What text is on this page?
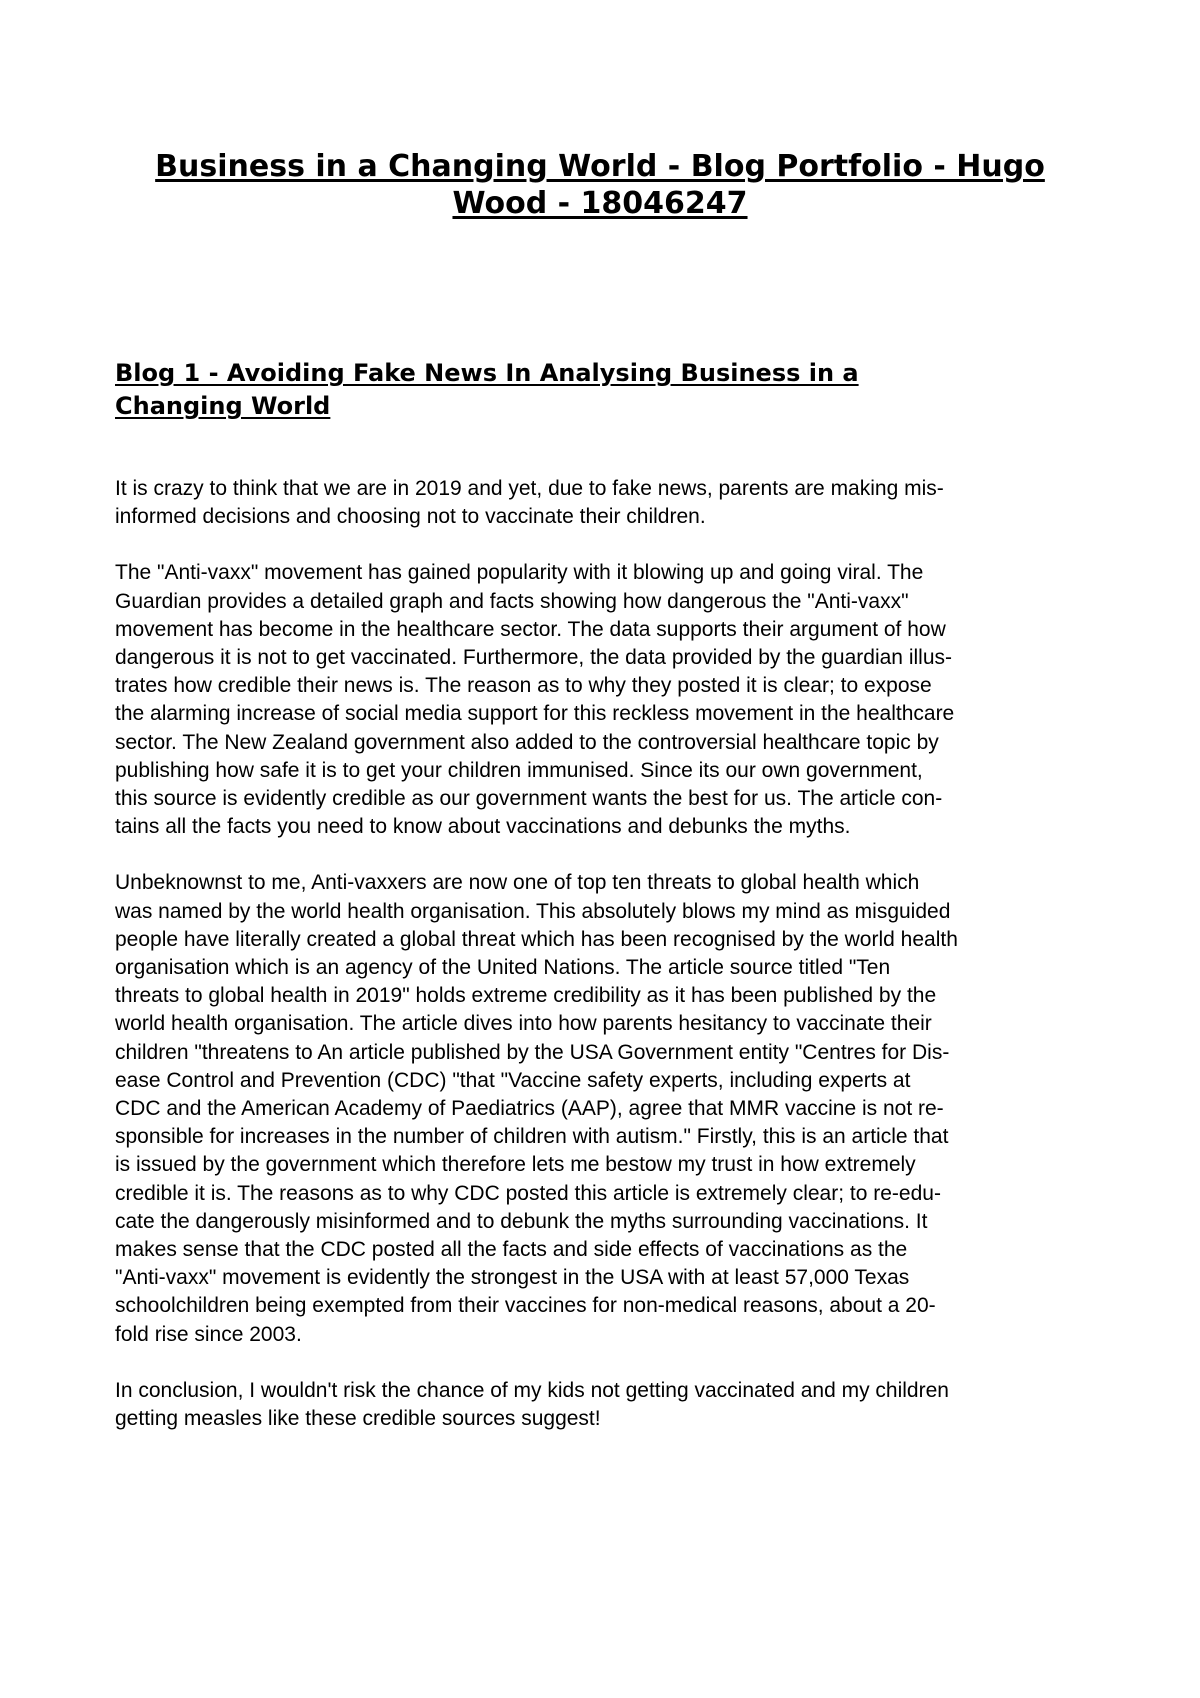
Business in a Changing World - Blog Portfolio - Hugo Wood - 18046247
Blog 1 - Avoiding Fake News In Analysing Business in a
Changing World

It is crazy to think that we are in 2019 and yet, due to fake news, parents are making mis-
informed decisions and choosing not to vaccinate their children.

The "Anti-vaxx" movement has gained popularity with it blowing up and going viral. The
Guardian provides a detailed graph and facts showing how dangerous the "Anti-vaxx"
movement has become in the healthcare sector. The data supports their argument of how
dangerous it is not to get vaccinated. Furthermore, the data provided by the guardian illus-
trates how credible their news is. The reason as to why they posted it is clear; to expose
the alarming increase of social media support for this reckless movement in the healthcare
sector. The New Zealand government also added to the controversial healthcare topic by
publishing how safe it is to get your children immunised. Since its our own government,
this source is evidently credible as our government wants the best for us. The article con-
tains all the facts you need to know about vaccinations and debunks the myths.

Unbeknownst to me, Anti-vaxxers are now one of top ten threats to global health which
was named by the world health organisation. This absolutely blows my mind as misguided
people have literally created a global threat which has been recognised by the world health
organisation which is an agency of the United Nations. The article source titled "Ten
threats to global health in 2019" holds extreme credibility as it has been published by the
world health organisation. The article dives into how parents hesitancy to vaccinate their
children "threatens to An article published by the USA Government entity "Centres for Dis-
ease Control and Prevention (CDC) "that "Vaccine safety experts, including experts at
CDC and the American Academy of Paediatrics (AAP), agree that MMR vaccine is not re-
sponsible for increases in the number of children with autism." Firstly, this is an article that
is issued by the government which therefore lets me bestow my trust in how extremely
credible it is. The reasons as to why CDC posted this article is extremely clear; to re-edu-
cate the dangerously misinformed and to debunk the myths surrounding vaccinations. It
makes sense that the CDC posted all the facts and side effects of vaccinations as the
"Anti-vaxx" movement is evidently the strongest in the USA with at least 57,000 Texas
schoolchildren being exempted from their vaccines for non-medical reasons, about a 20-
fold rise since 2003.

In conclusion, I wouldn't risk the chance of my kids not getting vaccinated and my children
getting measles like these credible sources suggest!
